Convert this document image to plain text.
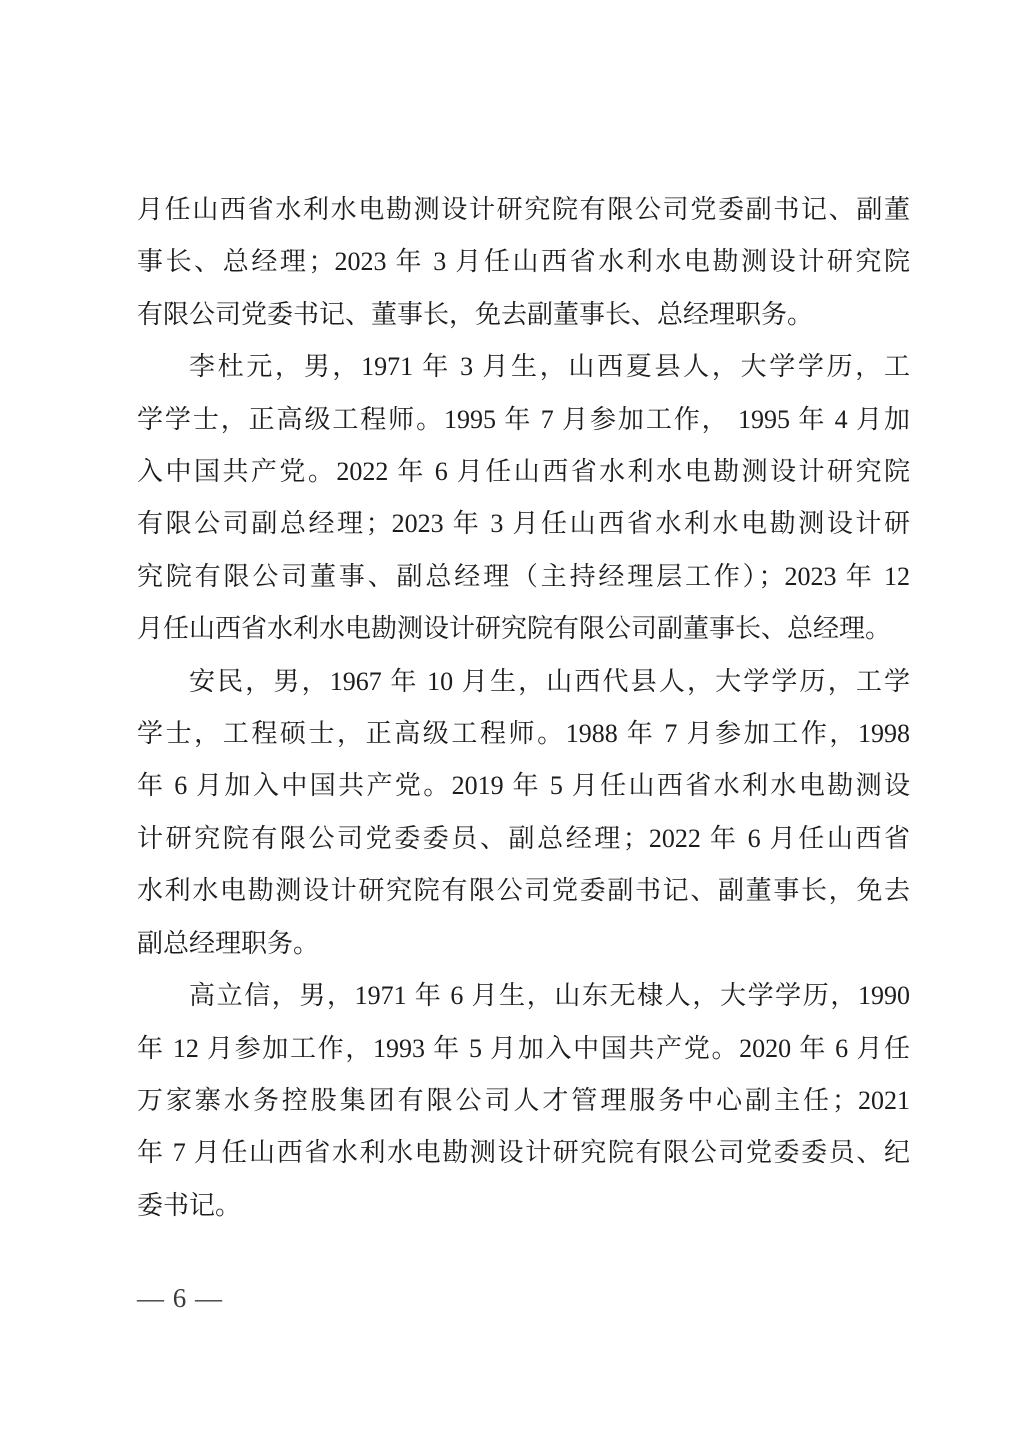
月任山西省水利水电勘测设计研究院有限公司党委副书记、副董
事长、总经理；2023 年 3 月任山西省水利水电勘测设计研究院
有限公司党委书记、董事长，免去副董事长、总经理职务。
李杜元，男，1971 年 3 月生，山西夏县人，大学学历，工
学学士，正高级工程师。1995 年 7 月参加工作， 1995 年 4 月加
入中国共产党。2022 年 6 月任山西省水利水电勘测设计研究院
有限公司副总经理；2023 年 3 月任山西省水利水电勘测设计研
究院有限公司董事、副总经理（主持经理层工作）；2023 年 12
月任山西省水利水电勘测设计研究院有限公司副董事长、总经理。
安民，男，1967 年 10 月生，山西代县人，大学学历，工学
学士，工程硕士，正高级工程师。1988 年 7 月参加工作，1998
年 6 月加入中国共产党。2019 年 5 月任山西省水利水电勘测设
计研究院有限公司党委委员、副总经理；2022 年 6 月任山西省
水利水电勘测设计研究院有限公司党委副书记、副董事长，免去
副总经理职务。
高立信，男，1971 年 6 月生，山东无棣人，大学学历，1990
年 12 月参加工作，1993 年 5 月加入中国共产党。2020 年 6 月任
万家寨水务控股集团有限公司人才管理服务中心副主任；2021
年 7 月任山西省水利水电勘测设计研究院有限公司党委委员、纪
委书记。
— 6 —
